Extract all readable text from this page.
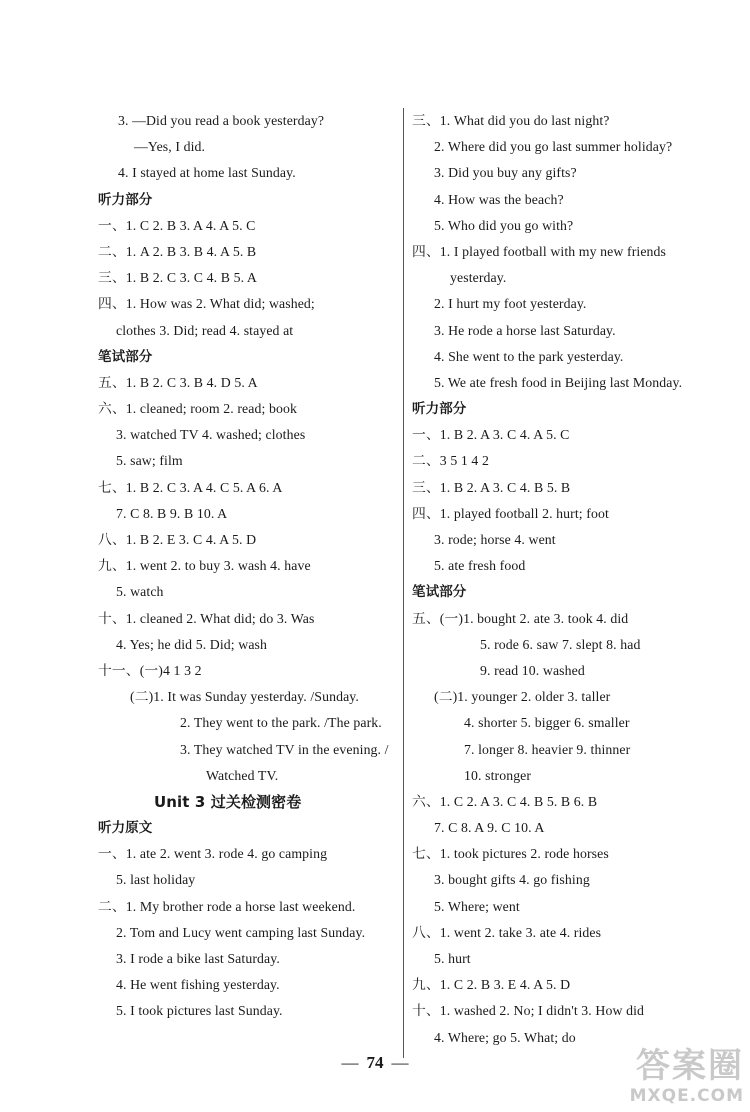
3. —Did you read a book yesterday?
—Yes, I did.
4. I stayed at home last Sunday.
听力部分
一、1. C 2. B 3. A 4. A 5. C
二、1. A 2. B 3. B 4. A 5. B
三、1. B 2. C 3. C 4. B 5. A
四、1. How was 2. What did; washed;
clothes 3. Did; read 4. stayed at
笔试部分
五、1. B 2. C 3. B 4. D 5. A
六、1. cleaned; room 2. read; book
3. watched TV 4. washed; clothes
5. saw; film
七、1. B 2. C 3. A 4. C 5. A 6. A
7. C 8. B 9. B 10. A
八、1. B 2. E 3. C 4. A 5. D
九、1. went 2. to buy 3. wash 4. have
5. watch
十、1. cleaned 2. What did; do 3. Was
4. Yes; he did 5. Did; wash
十一、(一)4 1 3 2
(二)1. It was Sunday yesterday. /Sunday.
2. They went to the park. /The park.
3. They watched TV in the evening. /
Watched TV.
Unit 3 过关检测密卷
听力原文
一、1. ate 2. went 3. rode 4. go camping
5. last holiday
二、1. My brother rode a horse last weekend.
2. Tom and Lucy went camping last Sunday.
3. I rode a bike last Saturday.
4. He went fishing yesterday.
5. I took pictures last Sunday.
三、1. What did you do last night?
2. Where did you go last summer holiday?
3. Did you buy any gifts?
4. How was the beach?
5. Who did you go with?
四、1. I played football with my new friends
yesterday.
2. I hurt my foot yesterday.
3. He rode a horse last Saturday.
4. She went to the park yesterday.
5. We ate fresh food in Beijing last Monday.
听力部分
一、1. B 2. A 3. C 4. A 5. C
二、3 5 1 4 2
三、1. B 2. A 3. C 4. B 5. B
四、1. played football 2. hurt; foot
3. rode; horse 4. went
5. ate fresh food
笔试部分
五、(一)1. bought 2. ate 3. took 4. did
5. rode 6. saw 7. slept 8. had
9. read 10. washed
(二)1. younger 2. older 3. taller
4. shorter 5. bigger 6. smaller
7. longer 8. heavier 9. thinner
10. stronger
六、1. C 2. A 3. C 4. B 5. B 6. B
7. C 8. A 9. C 10. A
七、1. took pictures 2. rode horses
3. bought gifts 4. go fishing
5. Where; went
八、1. went 2. take 3. ate 4. rides
5. hurt
九、1. C 2. B 3. E 4. A 5. D
十、1. washed 2. No; I didn't 3. How did
4. Where; go 5. What; do
— 74 —	答案圈
MXQE.COM
